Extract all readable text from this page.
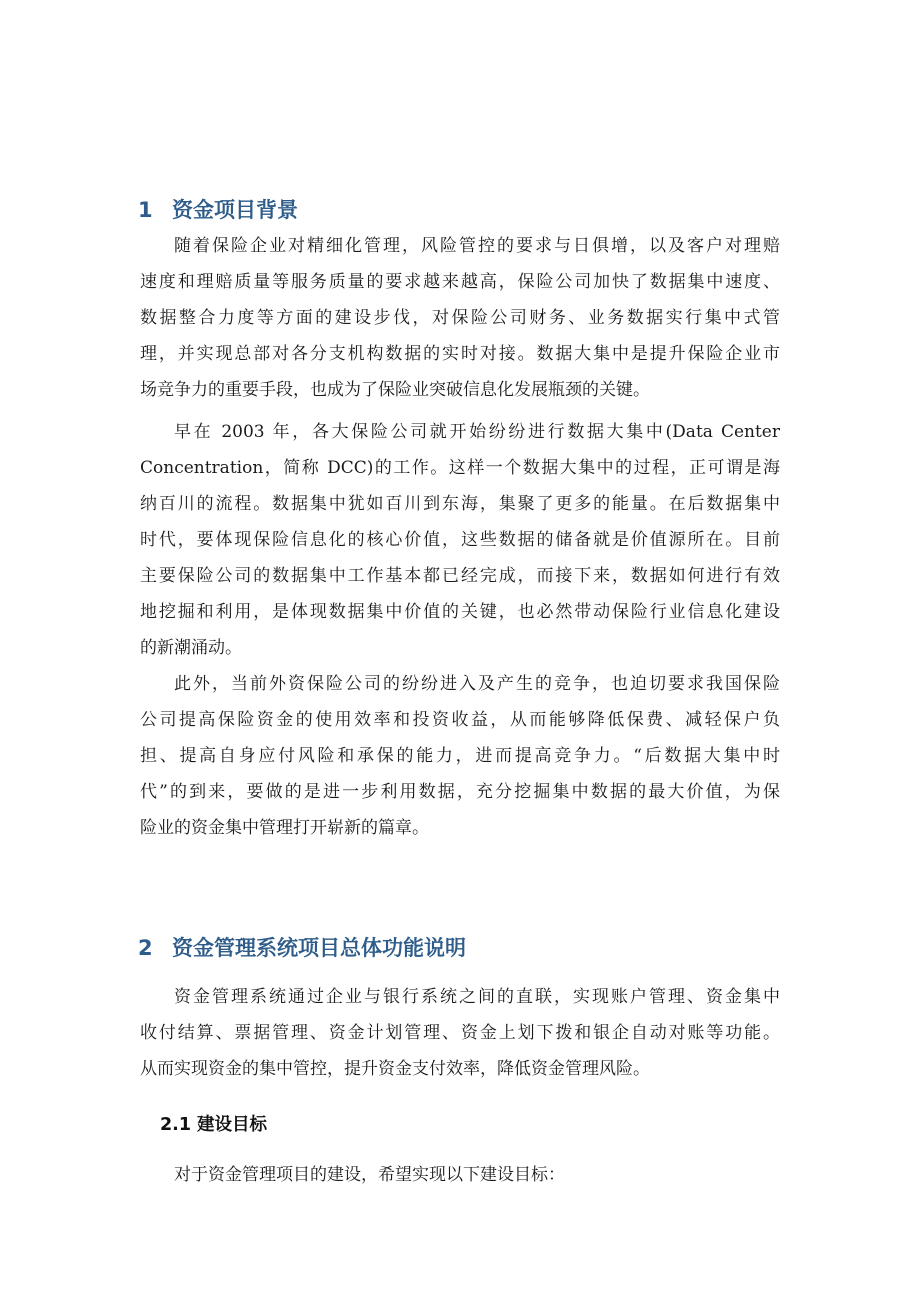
1 资金项目背景
随着保险企业对精细化管理，风险管控的要求与日俱增，以及客户对理赔
速度和理赔质量等服务质量的要求越来越高，保险公司加快了数据集中速度、
数据整合力度等方面的建设步伐，对保险公司财务、业务数据实行集中式管
理，并实现总部对各分支机构数据的实时对接。数据大集中是提升保险企业市
场竞争力的重要手段，也成为了保险业突破信息化发展瓶颈的关键。
早在 2003 年，各大保险公司就开始纷纷进行数据大集中(Data Center
Concentration，简称 DCC)的工作。这样一个数据大集中的过程，正可谓是海
纳百川的流程。数据集中犹如百川到东海，集聚了更多的能量。在后数据集中
时代，要体现保险信息化的核心价值，这些数据的储备就是价值源所在。目前
主要保险公司的数据集中工作基本都已经完成，而接下来，数据如何进行有效
地挖掘和利用，是体现数据集中价值的关键，也必然带动保险行业信息化建设
的新潮涌动。
此外，当前外资保险公司的纷纷进入及产生的竞争，也迫切要求我国保险
公司提高保险资金的使用效率和投资收益，从而能够降低保费、减轻保户负
担、提高自身应付风险和承保的能力，进而提高竞争力。“后数据大集中时
代”的到来，要做的是进一步利用数据，充分挖掘集中数据的最大价值，为保
险业的资金集中管理打开崭新的篇章。
2 资金管理系统项目总体功能说明
资金管理系统通过企业与银行系统之间的直联，实现账户管理、资金集中
收付结算、票据管理、资金计划管理、资金上划下拨和银企自动对账等功能。
从而实现资金的集中管控，提升资金支付效率，降低资金管理风险。
2.1 建设目标
对于资金管理项目的建设，希望实现以下建设目标：
